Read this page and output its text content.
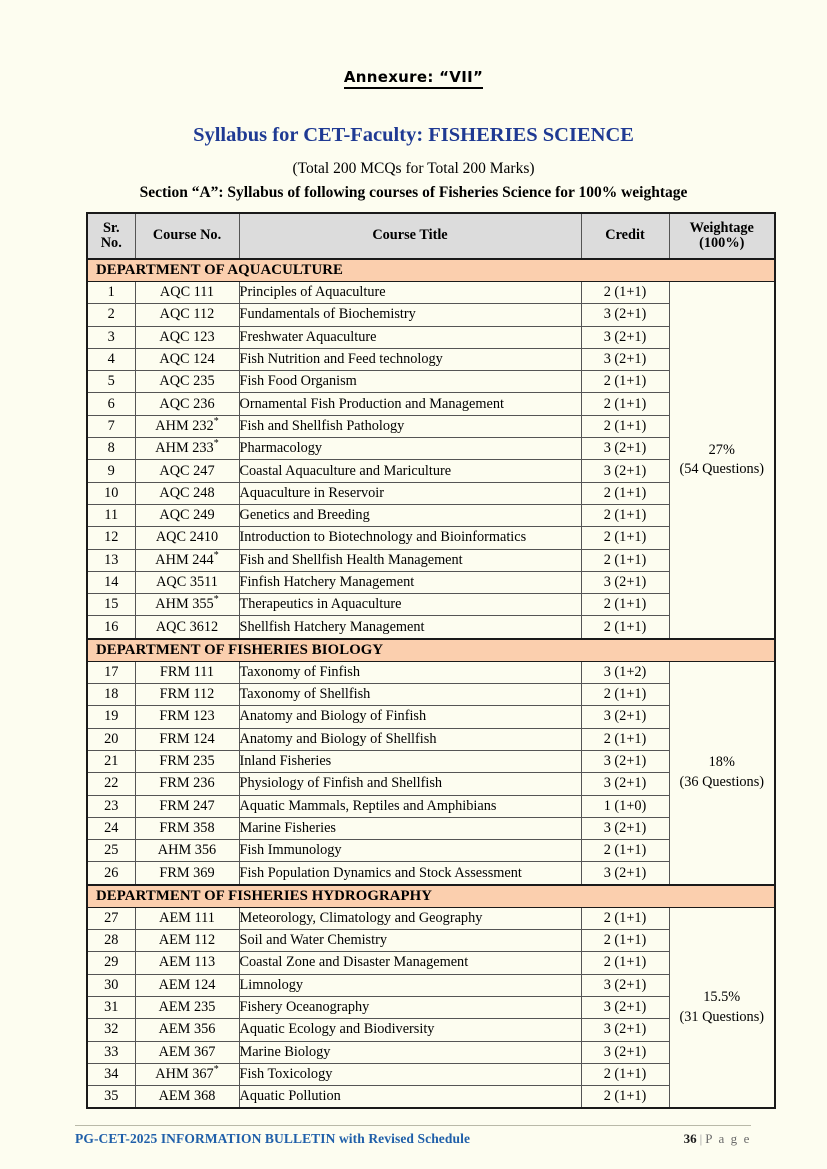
Annexure: “VII”
Syllabus for CET-Faculty: FISHERIES SCIENCE
(Total 200 MCQs for Total 200 Marks)
Section “A”: Syllabus of following courses of Fisheries Science for 100% weightage
Sr.
No.	Course No.	Course Title	Credit	Weightage
(100%)

DEPARTMENT OF AQUACULTURE				
1	AQC 111	Principles of Aquaculture	2 (1+1)	27%
(54 Questions)

2	AQC 112	Fundamentals of Biochemistry	3 (2+1)	
3	AQC 123	Freshwater Aquaculture	3 (2+1)	
4	AQC 124	Fish Nutrition and Feed technology	3 (2+1)	
5	AQC 235	Fish Food Organism	2 (1+1)	
6	AQC 236	Ornamental Fish Production and Management	2 (1+1)	
7	AHM 232*	Fish and Shellfish Pathology	2 (1+1)	
8	AHM 233*	Pharmacology	3 (2+1)	
9	AQC 247	Coastal Aquaculture and Mariculture	3 (2+1)	
10	AQC 248	Aquaculture in Reservoir	2 (1+1)	
11	AQC 249	Genetics and Breeding	2 (1+1)	
12	AQC 2410	Introduction to Biotechnology and Bioinformatics	2 (1+1)	
13	AHM 244*	Fish and Shellfish Health Management	2 (1+1)	
14	AQC 3511	Finfish Hatchery Management	3 (2+1)	
15	AHM 355*	Therapeutics in Aquaculture	2 (1+1)	
16	AQC 3612	Shellfish Hatchery Management	2 (1+1)	
DEPARTMENT OF FISHERIES BIOLOGY				
17	FRM 111	Taxonomy of Finfish	3 (1+2)	18%
(36 Questions)

18	FRM 112	Taxonomy of Shellfish	2 (1+1)	
19	FRM 123	Anatomy and Biology of Finfish	3 (2+1)	
20	FRM 124	Anatomy and Biology of Shellfish	2 (1+1)	
21	FRM 235	Inland Fisheries	3 (2+1)	
22	FRM 236	Physiology of Finfish and Shellfish	3 (2+1)	
23	FRM 247	Aquatic Mammals, Reptiles and Amphibians	1 (1+0)	
24	FRM 358	Marine Fisheries	3 (2+1)	
25	AHM 356	Fish Immunology	2 (1+1)	
26	FRM 369	Fish Population Dynamics and Stock Assessment	3 (2+1)	
DEPARTMENT OF FISHERIES HYDROGRAPHY				
27	AEM 111	Meteorology, Climatology and Geography	2 (1+1)	15.5%
(31 Questions)

28	AEM 112	Soil and Water Chemistry	2 (1+1)	
29	AEM 113	Coastal Zone and Disaster Management	2 (1+1)	
30	AEM 124	Limnology	3 (2+1)	
31	AEM 235	Fishery Oceanography	3 (2+1)	
32	AEM 356	Aquatic Ecology and Biodiversity	3 (2+1)	
33	AEM 367	Marine Biology	3 (2+1)	
34	AHM 367*	Fish Toxicology	2 (1+1)	
35	AEM 368	Aquatic Pollution	2 (1+1)	
PG-CET-2025 INFORMATION BULLETIN with Revised Schedule	36 | P a g e
